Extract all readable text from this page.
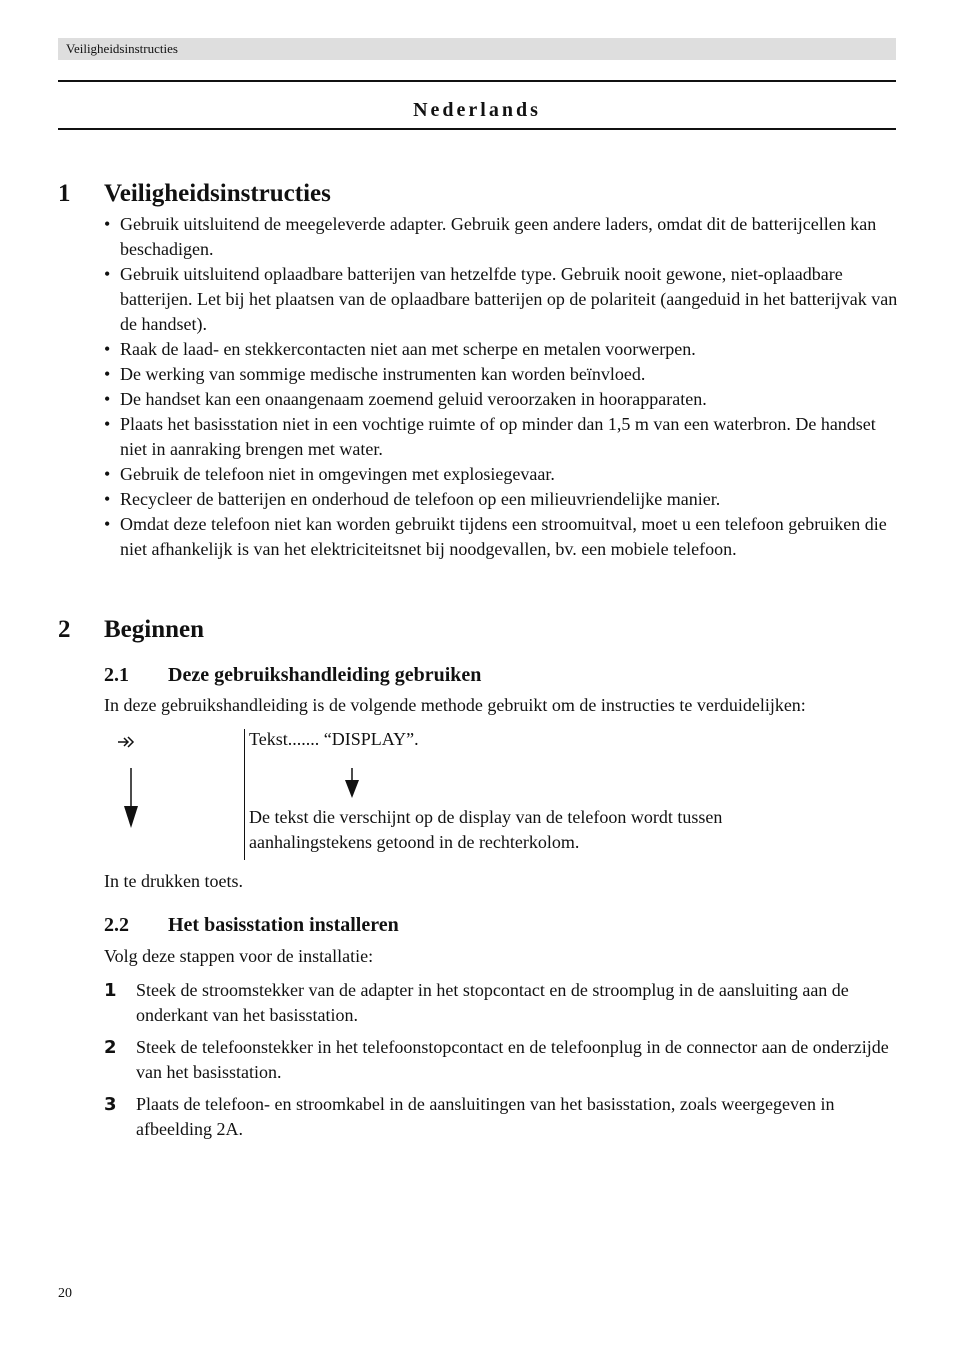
Veiligheidsinstructies
Nederlands
1 Veiligheidsinstructies
• Gebruik uitsluitend de meegeleverde adapter. Gebruik geen andere laders, omdat dit de batterijcellen kan beschadigen.
• Gebruik uitsluitend oplaadbare batterijen van hetzelfde type. Gebruik nooit gewone, niet-oplaadbare batterijen. Let bij het plaatsen van de oplaadbare batterijen op de polariteit (aangeduid in het batterijvak van de handset).
• Raak de laad- en stekkercontacten niet aan met scherpe en metalen voorwerpen.
• De werking van sommige medische instrumenten kan worden beïnvloed.
• De handset kan een onaangenaam zoemend geluid veroorzaken in hoorapparaten.
• Plaats het basisstation niet in een vochtige ruimte of op minder dan 1,5 m van een waterbron. De handset niet in aanraking brengen met water.
• Gebruik de telefoon niet in omgevingen met explosiegevaar.
• Recycleer de batterijen en onderhoud de telefoon op een milieuvriendelijke manier.
• Omdat deze telefoon niet kan worden gebruikt tijdens een stroomuitval, moet u een telefoon gebruiken die niet afhankelijk is van het elektriciteitsnet bij noodgevallen, bv. een mobiele telefoon.
2 Beginnen
2.1 Deze gebruikshandleiding gebruiken
In deze gebruikshandleiding is de volgende methode gebruikt om de instructies te verduidelijken:
Tekst....... “DISPLAY”.
De tekst die verschijnt op de display van de telefoon wordt tussen aanhalingstekens getoond in de rechterkolom.
In te drukken toets.
2.2 Het basisstation installeren
Volg deze stappen voor de installatie:
1 Steek de stroomstekker van de adapter in het stopcontact en de stroomplug in de aansluiting aan de onderkant van het basisstation.
2 Steek de telefoonstekker in het telefoonstopcontact en de telefoonplug in de connector aan de onderzijde van het basisstation.
3 Plaats de telefoon- en stroomkabel in de aansluitingen van het basisstation, zoals weergegeven in afbeelding 2A.
20
